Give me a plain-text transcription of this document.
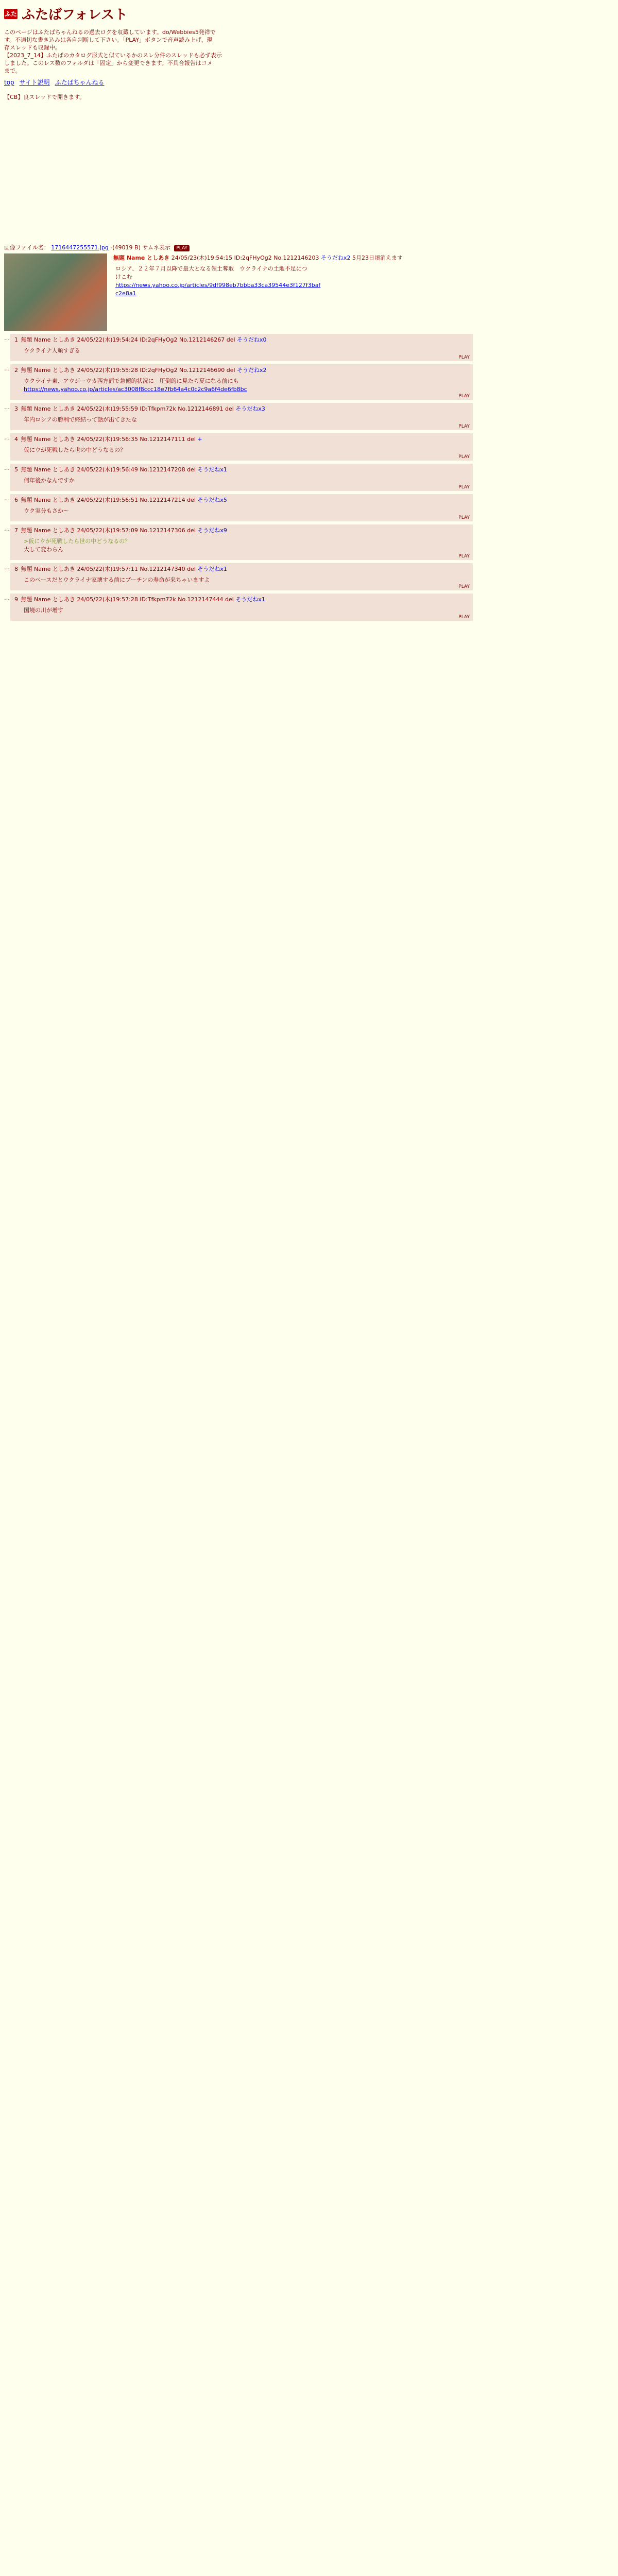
ふた ふたばフォレスト
このページはふたばちゃんねるの過去ログを収蔵しています。do/Webbies5発祥で
す。不適切な書き込みは各自判断して下さい。「PLAY」ボタンで音声読み上げ、現
存スレッドも収録中。
【2023_7_14】ふたばのカタログ形式と似ているかのスレ分件のスレッドも必ず表示
しました。このレス数のフォルダは「固定」から変更できます。不具合報告はコメ
まで。
top サイト説明 ふたばちゃんねる
【CB】良スレッドで開きます。
画像ファイル名： 1716447255571.jpg -(49019 B) サムネ表示 PLAY
無題 Name としあき 24/05/23(木)19:54:15 ID:2qFHyOg2 No.1212146203 そうだねx2 5月23日頃消えます
ロシア、２２年７月以降で最大となる領土奪取　ウクライナの土地不足につ
けこむ
https://news.yahoo.co.jp/articles/9df998eb7bbba33ca39544e3f127f3baf
c2e8a1
… 1 無題 Name としあき 24/05/22(木)19:54:24 ID:2qFHyOg2 No.1212146267 del そうだねx0
ウクライナ人頑すぎる
PLAY
… 2 無題 Name としあき 24/05/22(木)19:55:28 ID:2qFHyOg2 No.1212146690 del そうだねx2
ウクライナ東、アウジーウカ西方面で急傾的状況に　圧倒的に見たら夏になる前にも
https://news.yahoo.co.jp/articles/ac3008f8ccc18e7fb64a4c0c2c9a6f4de6fb8bc
PLAY
… 3 無題 Name としあき 24/05/22(木)19:55:59 ID:Tfkpm72k No.1212146891 del そうだねx3
年内ロシアの勝利で終結って話が出てきたな
PLAY
… 4 無題 Name としあき 24/05/22(木)19:56:35 No.1212147111 del +
仮にウが死戦したら世の中どうなるの？
PLAY
… 5 無題 Name としあき 24/05/22(木)19:56:49 No.1212147208 del そうだねx1
何年後かなんですか
PLAY
… 6 無題 Name としあき 24/05/22(木)19:56:51 No.1212147214 del そうだねx5
ウク実分もさか〜
PLAY
… 7 無題 Name としあき 24/05/22(木)19:57:09 No.1212147306 del そうだねx9
>仮にウが死戦したら世の中どうなるの？
大して変わらん
PLAY
… 8 無題 Name としあき 24/05/22(木)19:57:11 No.1212147340 del そうだねx1
このペースだとウクライナ家壊する前にプーチンの寿命が来ちゃいますよ
PLAY
… 9 無題 Name としあき 24/05/22(木)19:57:28 ID:Tfkpm72k No.1212147444 del そうだねx1
国境の川が増す
PLAY
